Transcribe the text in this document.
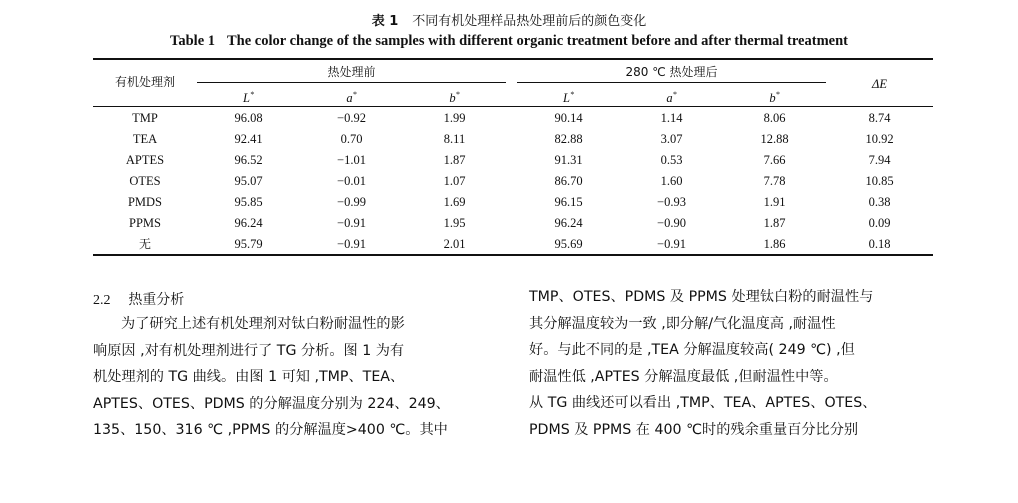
表 1 不同有机处理样品热处理前后的颜色变化
Table 1 The color change of the samples with different organic treatment before and after thermal treatment
有机处理剂
热处理前	280 ℃ 热处理后
ΔE
L*	a*	b*	L*	a*	b*
TMP	96.08	−0.92	1.99	90.14	1.14	8.06	8.74
TEA	92.41	0.70	8.11	82.88	3.07	12.88	10.92
APTES	96.52	−1.01	1.87	91.31	0.53	7.66	7.94
OTES	95.07	−0.01	1.07	86.70	1.60	7.78	10.85
PMDS	95.85	−0.99	1.69	96.15	−0.93	1.91	0.38
PPMS	96.24	−0.91	1.95	96.24	−0.90	1.87	0.09
无	95.79	−0.91	2.01	95.69	−0.91	1.86	0.18
2.2 热重分析
为了研究上述有机处理剂对钛白粉耐温性的影
响原因 ,对有机处理剂进行了 TG 分析。图 1 为有
机处理剂的 TG 曲线。由图 1 可知 ,TMP、TEA、
APTES、OTES、PDMS 的分解温度分别为 224、249、
135、150、316 ℃ ,PPMS 的分解温度>400 ℃。其中
TMP、OTES、PDMS 及 PPMS 处理钛白粉的耐温性与
其分解温度较为一致 ,即分解/气化温度高 ,耐温性
好。与此不同的是 ,TEA 分解温度较高( 249 ℃) ,但
耐温性低 ,APTES 分解温度最低 ,但耐温性中等。
从 TG 曲线还可以看出 ,TMP、TEA、APTES、OTES、
PDMS 及 PPMS 在 400 ℃时的残余重量百分比分别
